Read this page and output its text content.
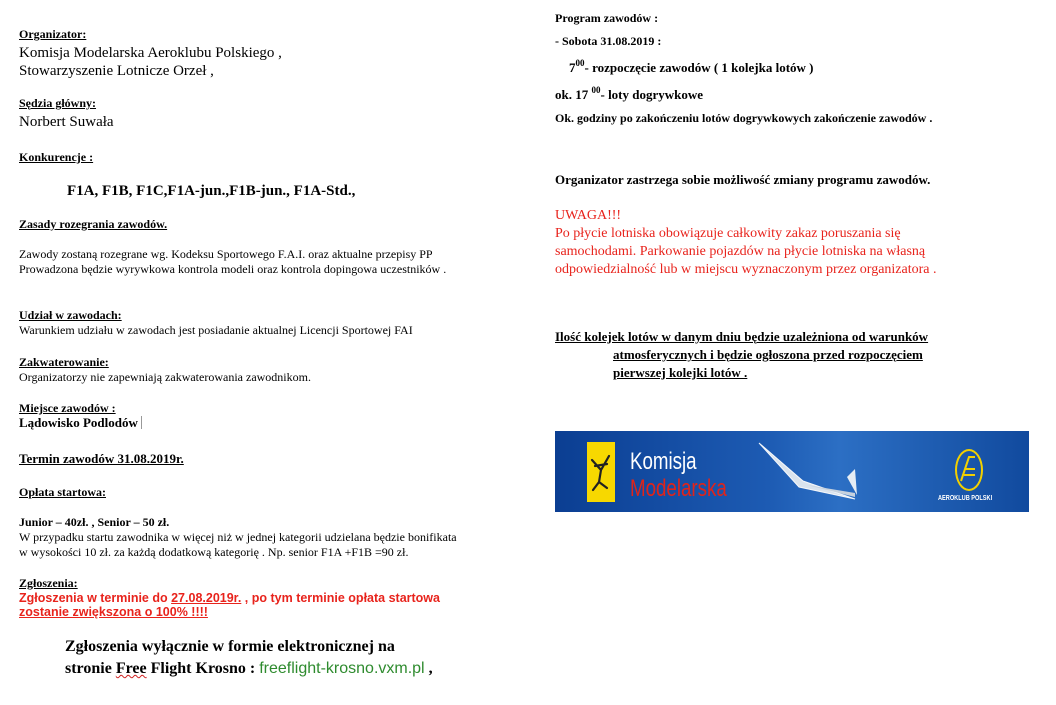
Organizator:
Komisja Modelarska Aeroklubu Polskiego ,
Stowarzyszenie Lotnicze Orzeł ,
Sędzia główny:
Norbert Suwała
Konkurencje :
F1A, F1B, F1C,F1A-jun.,F1B-jun., F1A-Std.,
Zasady rozegrania zawodów.
Zawody zostaną rozegrane wg. Kodeksu Sportowego F.A.I. oraz aktualne przepisy PP
Prowadzona będzie wyrywkowa kontrola modeli oraz kontrola dopingowa uczestników .
Udział w zawodach:
Warunkiem udziału w zawodach jest posiadanie aktualnej Licencji Sportowej FAI
Zakwaterowanie:
Organizatorzy nie zapewniają zakwaterowania zawodnikom.
Miejsce zawodów :
Lądowisko Podlodów
Termin zawodów 31.08.2019r.
Opłata startowa:
Junior – 40zł. , Senior – 50 zł.
W przypadku startu zawodnika w więcej niż w jednej kategorii udzielana będzie bonifikata
w wysokości 10 zł. za każdą dodatkową kategorię . Np. senior F1A +F1B =90 zł.
Zgłoszenia:
Zgłoszenia w terminie do 27.08.2019r. , po tym terminie opłata startowa
zostanie zwiększona o 100% !!!!
Zgłoszenia wyłącznie w formie elektronicznej na
stronie Free Flight Krosno : freeflight-krosno.vxm.pl ,
Program zawodów :
- Sobota 31.08.2019 :
$7^{00}-$ rozpoczęcie zawodów ( 1 kolejka lotów )
ok. 17 $^{00}$- loty dogrywkowe
Ok. godziny po zakończeniu lotów dogrywkowych zakończenie zawodów .
Organizator zastrzega sobie możliwość zmiany programu zawodów.
UWAGA!!!
Po płycie lotniska obowiązuje całkowity zakaz poruszania się
samochodami. Parkowanie pojazdów na płycie lotniska na własną
odpowiedzialność lub w miejscu wyznaczonym przez organizatora .
Ilość kolejek lotów w danym dniu będzie uzależniona od warunków
atmosferycznych i będzie ogłoszona przed rozpoczęciem
pierwszej kolejki lotów .
Komisja
Modelarska	AEROKLUB POLSKI
